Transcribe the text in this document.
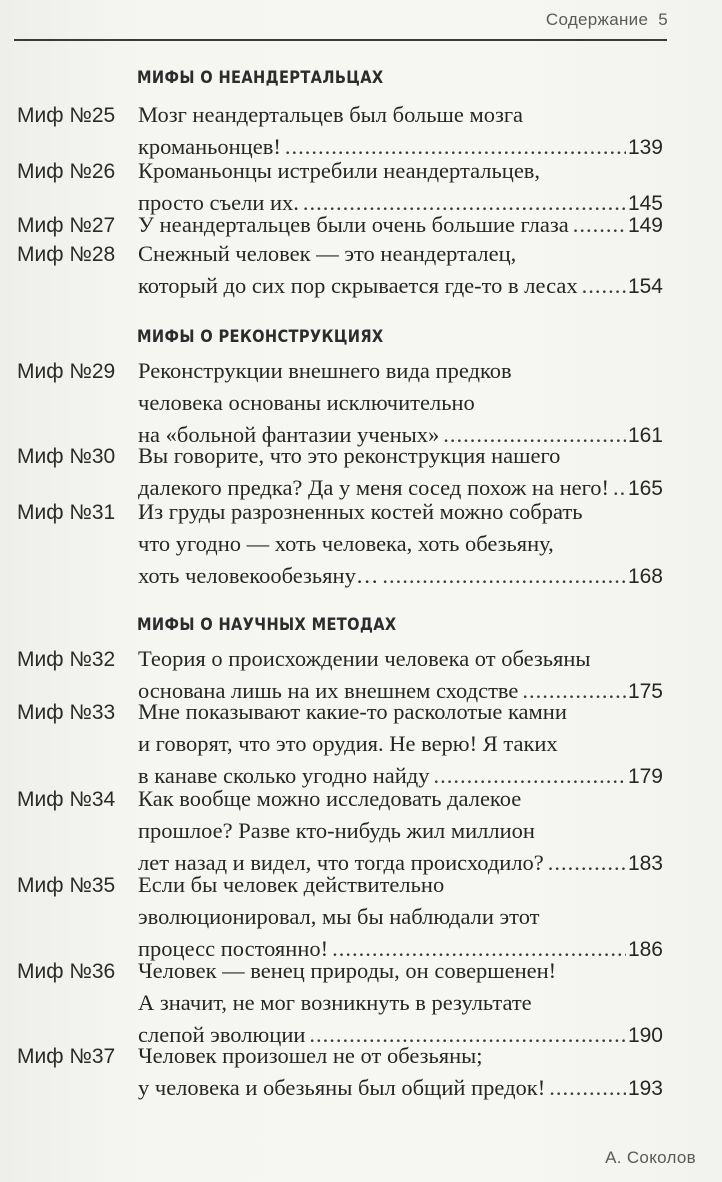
Содержание 5
МИФЫ О НЕАНДЕРТАЛЬЦАХ
Миф №25 Мозг неандертальцев был больше мозга
кроманьонцев! .....	139
Миф №26 Кроманьонцы истребили неандертальцев,
просто съели их. .....	145
Миф №27 У неандертальцев были очень большие глаза .....	149
Миф №28 Снежный человек — это неандерталец,
который до сих пор скрывается где-то в лесах ..... 154
МИФЫ О РЕКОНСТРУКЦИЯХ
Миф №29 Реконструкции внешнего вида предков
человека основаны исключительно
на «больной фантазии ученых» .....	161
Миф №30 Вы говорите, что это реконструкция нашего
далекого предка? Да у меня сосед похож на него! ..... 165
Миф №31 Из груды разрозненных костей можно собрать
что угодно — хоть человека, хоть обезьяну,
хоть человекообезьяну… .....	168
МИФЫ О НАУЧНЫХ МЕТОДАХ
Миф №32 Теория о происхождении человека от обезьяны
основана лишь на их внешнем сходстве .....	175
Миф №33 Мне показывают какие-то расколотые камни
и говорят, что это орудия. Не верю! Я таких
в канаве сколько угодно найду .....	179
Миф №34 Как вообще можно исследовать далекое
прошлое? Разве кто-нибудь жил миллион
лет назад и видел, что тогда происходило? .....	183
Миф №35 Если бы человек действительно
эволюционировал, мы бы наблюдали этот
процесс постоянно! .....	186
Миф №36 Человек — венец природы, он совершенен!
А значит, не мог возникнуть в результате
слепой эволюции .....	190
Миф №37 Человек произошел не от обезьяны;
у человека и обезьяны был общий предок! .....	193
А. Соколов
